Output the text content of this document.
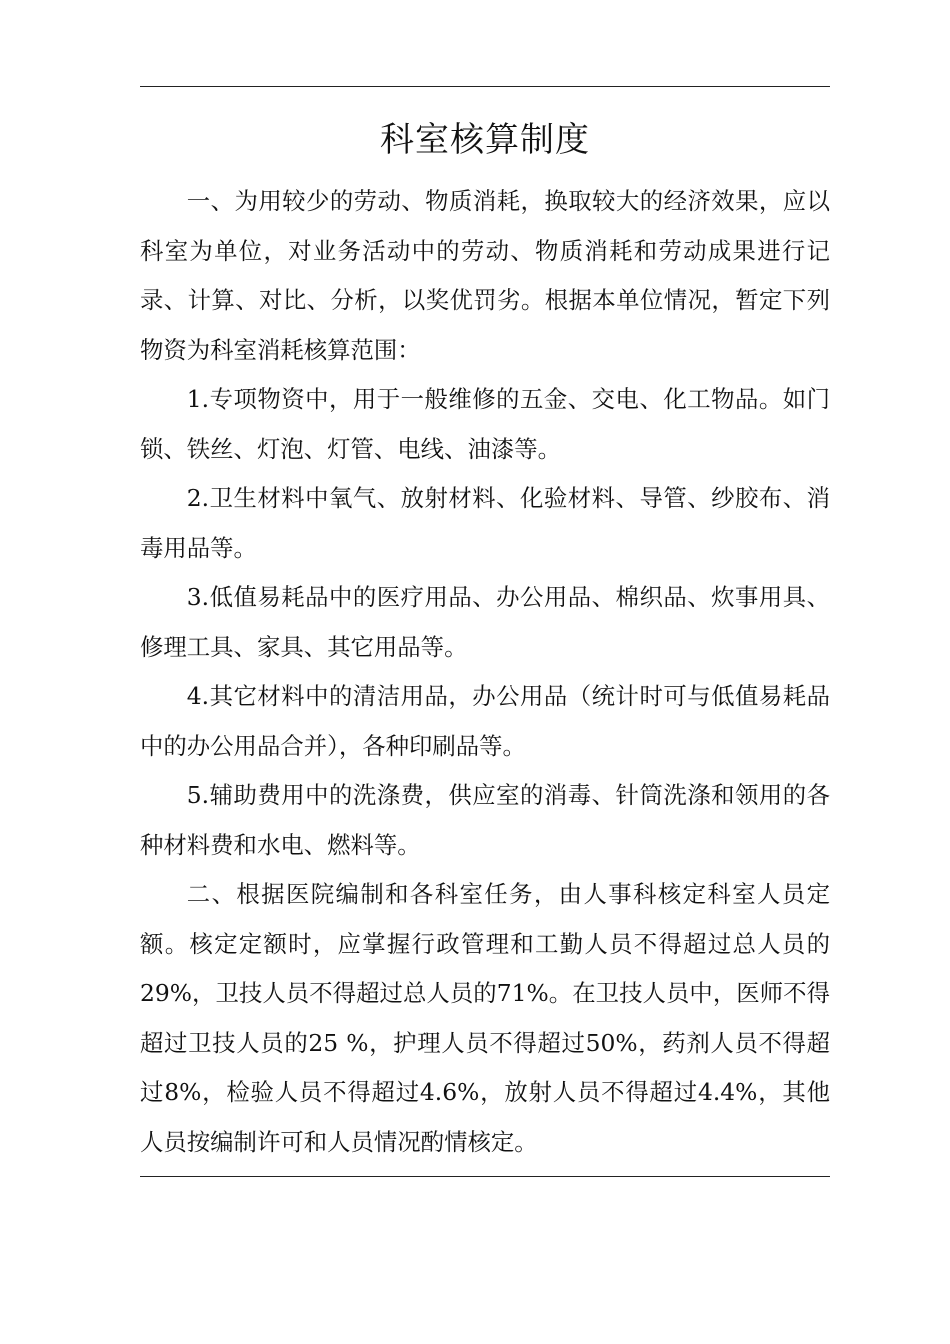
科室核算制度

一、为用较少的劳动、物质消耗，换取较大的经济效果，应以科室为单位，对业务活动中的劳动、物质消耗和劳动成果进行记录、计算、对比、分析，以奖优罚劣。根据本单位情况，暂定下列物资为科室消耗核算范围：

1.专项物资中，用于一般维修的五金、交电、化工物品。如门锁、铁丝、灯泡、灯管、电线、油漆等。

2.卫生材料中氧气、放射材料、化验材料、导管、纱胶布、消毒用品等。

3.低值易耗品中的医疗用品、办公用品、棉织品、炊事用具、修理工具、家具、其它用品等。

4.其它材料中的清洁用品，办公用品（统计时可与低值易耗品中的办公用品合并），各种印刷品等。

5.辅助费用中的洗涤费，供应室的消毒、针筒洗涤和领用的各种材料费和水电、燃料等。

二、根据医院编制和各科室任务，由人事科核定科室人员定额。核定定额时，应掌握行政管理和工勤人员不得超过总人员的29%，卫技人员不得超过总人员的71%。在卫技人员中，医师不得超过卫技人员的25 %，护理人员不得超过50%，药剂人员不得超过8%，检验人员不得超过4.6%，放射人员不得超过4.4%，其他人员按编制许可和人员情况酌情核定。
